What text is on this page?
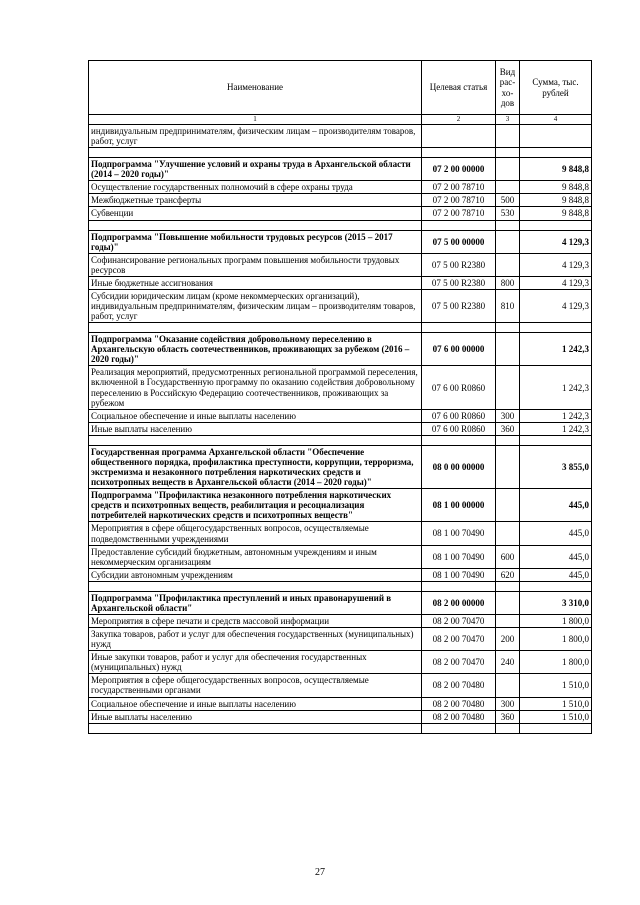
Наименование	Целевая статья	Вид рас-хо-дов	Сумма, тыс. рублей
1	2	3	4
индивидуальным предпринимателям, физическим лицам – производителям товаров, работ, услуг			

Подпрограмма "Улучшение условий и охраны труда в Архангельской области (2014 – 2020 годы)"	07 2 00 00000		9 848,8
Осуществление государственных полномочий в сфере охраны труда	07 2 00 78710		9 848,8
Межбюджетные трансферты	07 2 00 78710	500	9 848,8
Субвенции	07 2 00 78710	530	9 848,8

Подпрограмма "Повышение мобильности трудовых ресурсов (2015 – 2017 годы)"	07 5 00 00000		4 129,3
Софинансирование региональных программ повышения мобильности трудовых ресурсов	07 5 00 R2380		4 129,3
Иные бюджетные ассигнования	07 5 00 R2380	800	4 129,3
Субсидии юридическим лицам (кроме некоммерческих организаций), индивидуальным предпринимателям, физическим лицам – производителям товаров, работ, услуг	07 5 00 R2380	810	4 129,3

Подпрограмма "Оказание содействия добровольному переселению в Архангельскую область соотечественников, проживающих за рубежом (2016 – 2020 годы)"	07 6 00 00000		1 242,3
Реализация мероприятий, предусмотренных региональной программой переселения, включенной в Государственную программу по оказанию содействия добровольному переселению в Российскую Федерацию соотечественников, проживающих за рубежом	07 6 00 R0860		1 242,3
Социальное обеспечение и иные выплаты населению	07 6 00 R0860	300	1 242,3
Иные выплаты населению	07 6 00 R0860	360	1 242,3

Государственная программа Архангельской области "Обеспечение общественного порядка, профилактика преступности, коррупции, терроризма, экстремизма и незаконного потребления наркотических средств и психотропных веществ в Архангельской области (2014 – 2020 годы)"	08 0 00 00000		3 855,0
Подпрограмма "Профилактика незаконного потребления наркотических средств и психотропных веществ, реабилитация и ресоциализация потребителей наркотических средств и психотропных веществ"	08 1 00 00000		445,0
Мероприятия в сфере общегосударственных вопросов, осуществляемые подведомственными учреждениями	08 1 00 70490		445,0
Предоставление субсидий бюджетным, автономным учреждениям и иным некоммерческим организациям	08 1 00 70490	600	445,0
Субсидии автономным учреждениям	08 1 00 70490	620	445,0

Подпрограмма "Профилактика преступлений и иных правонарушений в Архангельской области"	08 2 00 00000		3 310,0
Мероприятия в сфере печати и средств массовой информации	08 2 00 70470		1 800,0
Закупка товаров, работ и услуг для обеспечения государственных (муниципальных) нужд	08 2 00 70470	200	1 800,0
Иные закупки товаров, работ и услуг для обеспечения государственных (муниципальных) нужд	08 2 00 70470	240	1 800,0
Мероприятия в сфере общегосударственных вопросов, осуществляемые государственными органами	08 2 00 70480		1 510,0
Социальное обеспечение и иные выплаты населению	08 2 00 70480	300	1 510,0
Иные выплаты населению	08 2 00 70480	360	1 510,0

27
